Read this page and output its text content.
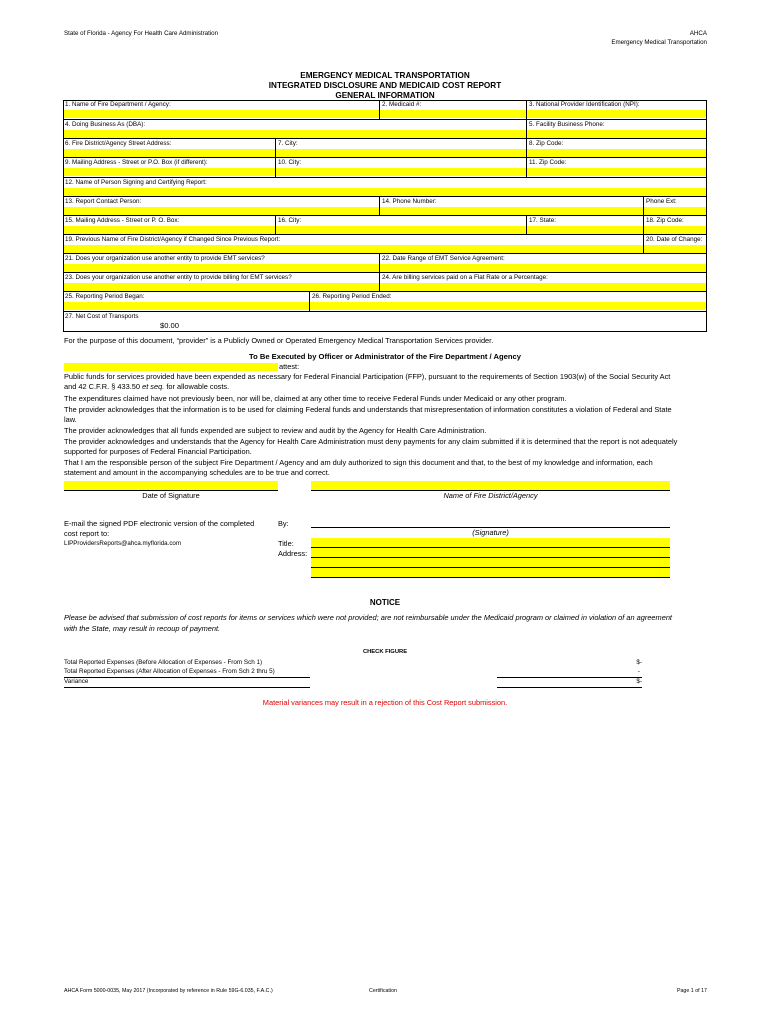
State of Florida - Agency For Health Care Administration	AHCA
Emergency Medical Transportation
EMERGENCY MEDICAL TRANSPORTATION
INTEGRATED DISCLOSURE AND MEDICAID COST REPORT
GENERAL INFORMATION
1. Name of Fire Department / Agency:	2. Medicaid #:	3. National Provider Identification (NPI):
4. Doing Business As (DBA):	5. Facility Business Phone:
6. Fire District/Agency Street Address:	7. City:	8. Zip Code:
9. Mailing Address - Street or P.O. Box (if different):	10. City:	11. Zip Code:
12. Name of Person Signing and Certifying Report:
13. Report Contact Person:	14. Phone Number:	Phone Ext:
15. Mailing Address - Street or P. O. Box:	16. City:	17. State:	18. Zip Code:
19. Previous Name of Fire District/Agency if Changed Since Previous Report:	20. Date of Change:
21. Does your organization use another entity to provide EMT services?	22. Date Range of EMT Service Agreement:
23. Does your organization use another entity to provide billing for EMT services?	24. Are billing services paid on a Flat Rate or a Percentage:
25. Reporting Period Began:	26. Reporting Period Ended:
27. Net Cost of Transports
$0.00
For the purpose of this document, “provider” is a Publicly Owned or Operated Emergency Medical Transportation Services provider.
To Be Executed by Officer or Administrator of the Fire Department / Agency
attest:
Public funds for services provided have been expended as necessary for Federal Financial Participation (FFP), pursuant to the requirements of Section 1903(w) of the Social Security Act
and 42 C.F.R. § 433.50 et seq. for allowable costs.
The expenditures claimed have not previously been, nor will be, claimed at any other time to receive Federal Funds under Medicaid or any other program.
The provider acknowledges that the information is to be used for claiming Federal funds and understands that misrepresentation of information constitutes a violation of Federal and State
law.
The provider acknowledges that all funds expended are subject to review and audit by the Agency for Health Care Administration.
The provider acknowledges and understands that the Agency for Health Care Administration must deny payments for any claim submitted if it is determined that the report is not adequately
supported for purposes of Federal Financial Participation.
That I am the responsible person of the subject Fire Department / Agency and am duly authorized to sign this document and that, to the best of my knowledge and information, each
statement and amount in the accompanying schedules are to be true and correct.
Date of Signature	Name of Fire District/Agency
E-mail the signed PDF electronic version of the completed
cost report to:
LIPProvidersReports@ahca.myflorida.com
By:
(Signature)
Title:
Address:
NOTICE
Please be advised that submission of cost reports for items or services which were not provided; are not reimbursable under the Medicaid program or claimed in violation of an agreement
with the State, may result in recoup of payment.
CHECK FIGURE
Total Reported Expenses (Before Allocation of Expenses - From Sch 1)	$-
Total Reported Expenses (After Allocation of Expenses - From Sch 2 thru 5)	-
Variance	$-
Material variances may result in a rejection of this Cost Report submission.
AHCA Form 5000-0035, May 2017 (Incorporated by reference in Rule 59G-6.035, F.A.C.)	Certification	Page 1 of 17
